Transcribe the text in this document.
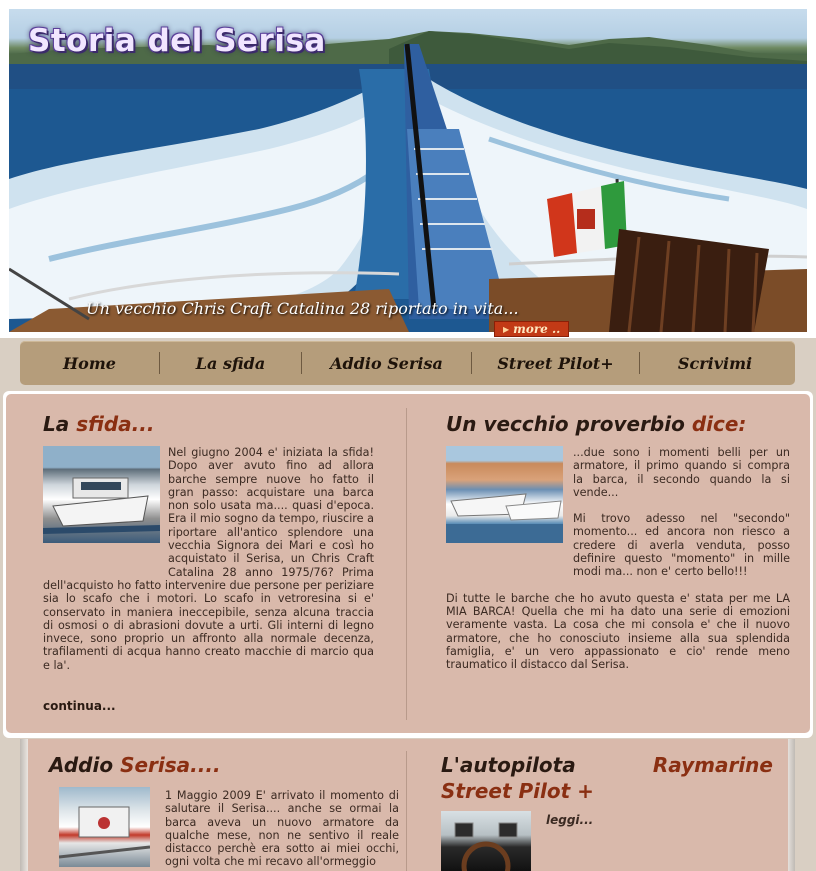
Storia del Serisa
Un vecchio Chris Craft Catalina 28 riportato in vita...
▶ more ..
Home	La sfida	Addio Serisa	Street Pilot+	Scrivimi
La sfida...

Nel giugno 2004 e' iniziata la sfida! Dopo aver avuto fino ad allora barche sempre nuove ho fatto il gran passo: acquistare una barca non solo usata ma.... quasi d'epoca. Era il mio sogno da tempo, riuscire a riportare all'antico splendore una vecchia Signora dei Mari e così ho acquistato il Serisa, un Chris Craft Catalina 28 anno 1975/76? Prima dell'acquisto ho fatto intervenire due persone per periziare sia lo scafo che i motori. Lo scafo in vetroresina si e' conservato in maniera ineccepibile, senza alcuna traccia di osmosi o di abrasioni dovute a urti. Gli interni di legno invece, sono proprio un affronto alla normale decenza, trafilamenti di acqua hanno creato macchie di marcio qua e la'.

continua...
Un vecchio proverbio dice:

...due sono i momenti belli per un armatore, il primo quando si compra la barca, il secondo quando la si vende...

Mi trovo adesso nel "secondo" momento... ed ancora non riesco a credere di averla venduta, posso definire questo "momento" in mille modi ma... non e' certo bello!!!

Di tutte le barche che ho avuto questa e' stata per me LA MIA BARCA! Quella che mi ha dato una serie di emozioni veramente vasta. La cosa che mi consola e' che il nuovo armatore, che ho conosciuto insieme alla sua splendida famiglia, e' un vero appassionato e cio' rende meno traumatico il distacco dal Serisa.

Addio Serisa....
1 Maggio 2009 E' arrivato il momento di salutare il Serisa.... anche se ormai la barca aveva un nuovo armatore da qualche mese, non ne sentivo il reale distacco perchè era sotto ai miei occhi, ogni volta che mi recavo all'ormeggio
L'autopilota	Raymarine
Street Pilot +
leggi...
